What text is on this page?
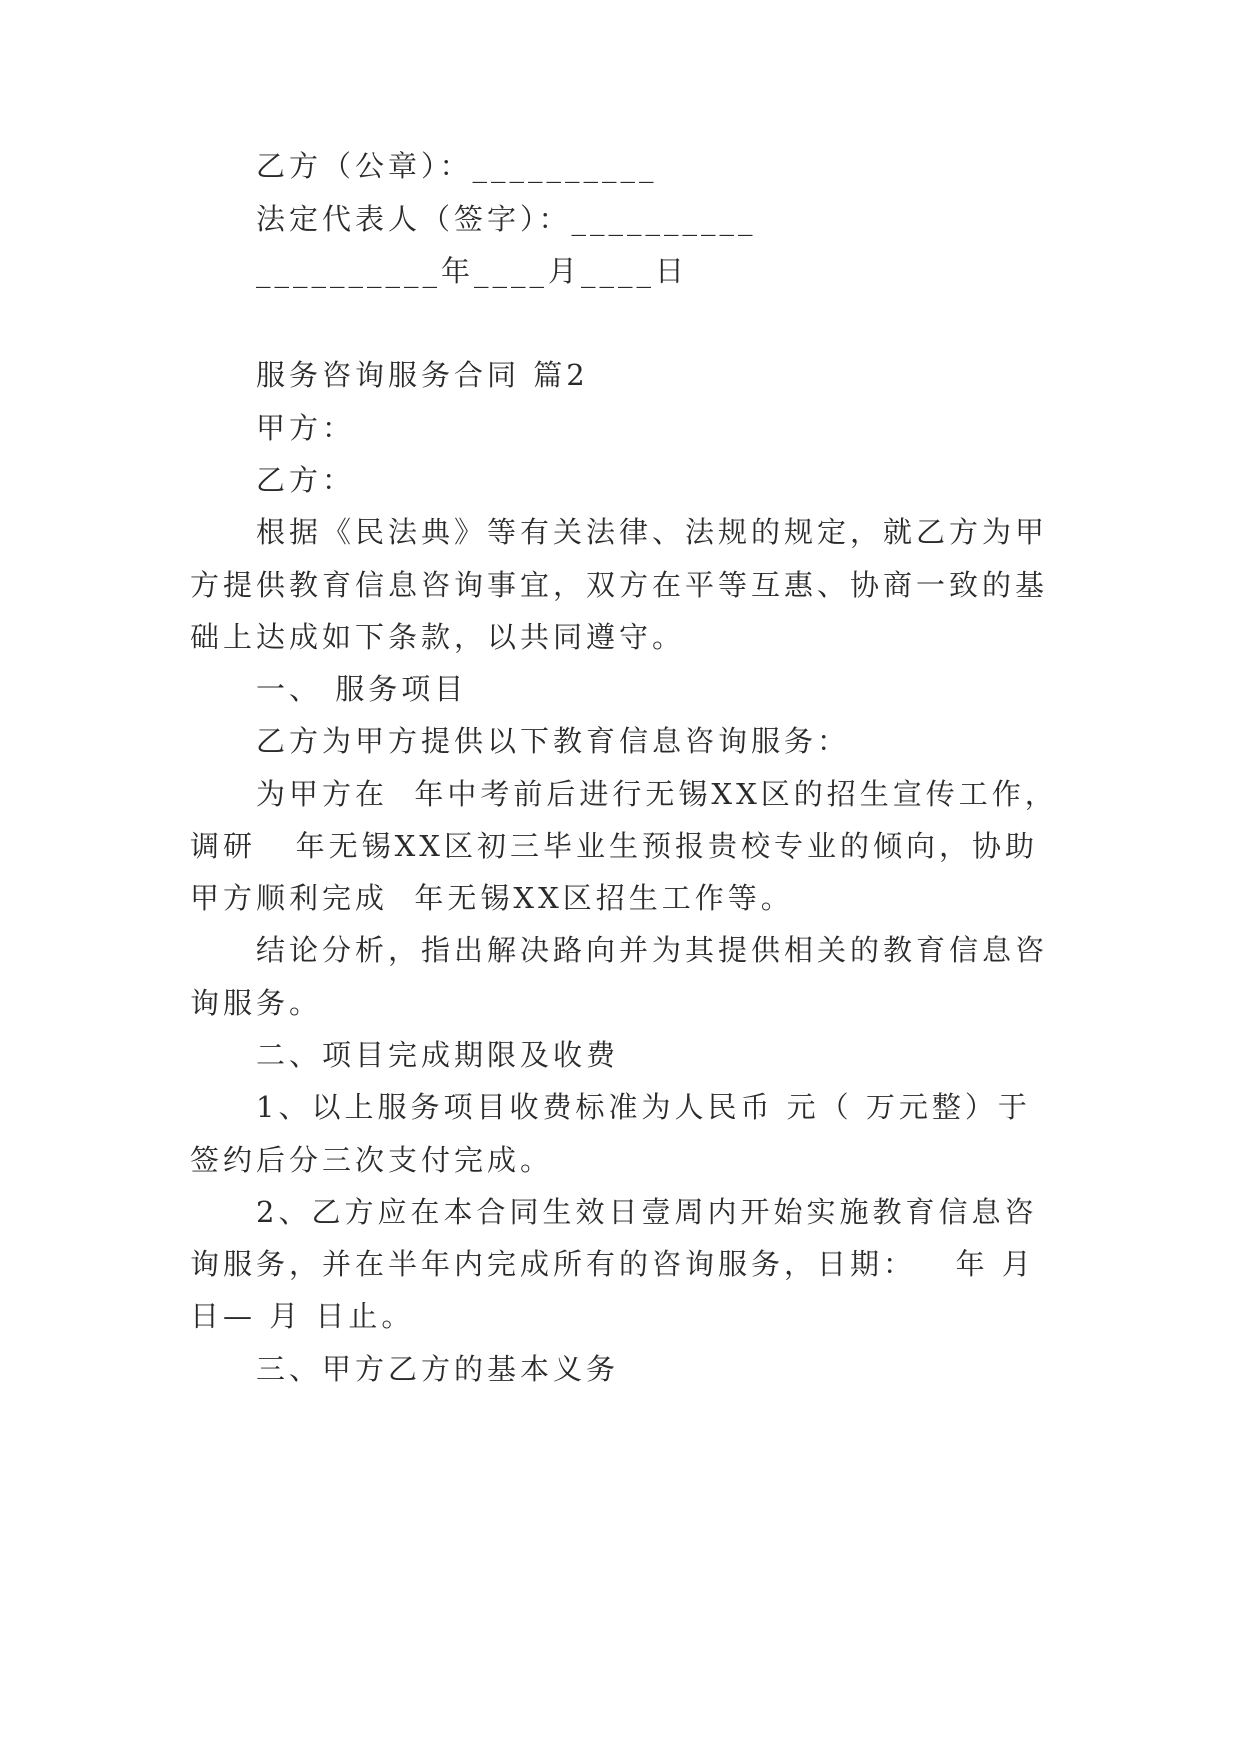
乙方（公章）：__________
法定代表人（签字）：__________
__________年____月____日
服务咨询服务合同 篇2
甲方：
乙方：
根据《民法典》等有关法律、法规的规定，就乙方为甲
方提供教育信息咨询事宜，双方在平等互惠、协商一致的基
础上达成如下条款，以共同遵守。
一、 服务项目
乙方为甲方提供以下教育信息咨询服务：
为甲方在  年中考前后进行无锡XX区的招生宣传工作，
调研   年无锡XX区初三毕业生预报贵校专业的倾向，协助
甲方顺利完成  年无锡XX区招生工作等。
结论分析，指出解决路向并为其提供相关的教育信息咨
询服务。
二、项目完成期限及收费
1、以上服务项目收费标准为人民币 元（ 万元整）于
签约后分三次支付完成。
2、乙方应在本合同生效日壹周内开始实施教育信息咨
询服务，并在半年内完成所有的咨询服务，日期：   年 月
日— 月 日止。
三、甲方乙方的基本义务
